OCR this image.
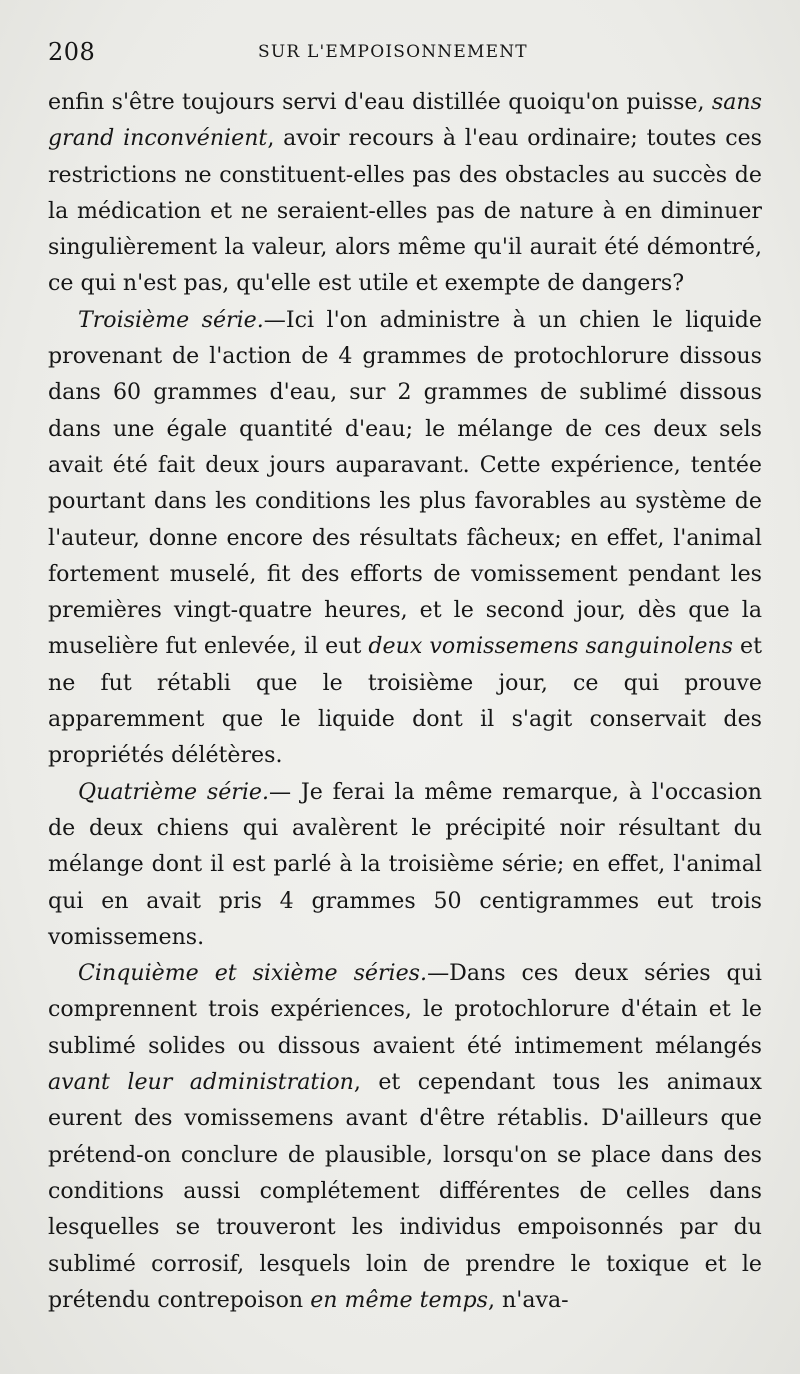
208	SUR L'EMPOISONNEMENT

enfin s'être toujours servi d'eau distillée quoiqu'on puisse, sans grand inconvénient, avoir recours à l'eau ordinaire; toutes ces restrictions ne constituent-elles pas des obstacles au succès de la médication et ne seraient-elles pas de nature à en diminuer singulièrement la valeur, alors même qu'il aurait été démontré, ce qui n'est pas, qu'elle est utile et exempte de dangers?

Troisième série.—Ici l'on administre à un chien le liquide provenant de l'action de 4 grammes de protochlorure dissous dans 60 grammes d'eau, sur 2 grammes de sublimé dissous dans une égale quantité d'eau; le mélange de ces deux sels avait été fait deux jours auparavant. Cette expérience, tentée pourtant dans les conditions les plus favorables au système de l'auteur, donne encore des résultats fâcheux; en effet, l'animal fortement muselé, fit des efforts de vomissement pendant les premières vingt-quatre heures, et le second jour, dès que la muselière fut enlevée, il eut deux vomissemens sanguinolens et ne fut rétabli que le troisième jour, ce qui prouve apparemment que le liquide dont il s'agit conservait des propriétés délétères.

Quatrième série.— Je ferai la même remarque, à l'occasion de deux chiens qui avalèrent le précipité noir résultant du mélange dont il est parlé à la troisième série; en effet, l'animal qui en avait pris 4 grammes 50 centigrammes eut trois vomissemens.

Cinquième et sixième séries.—Dans ces deux séries qui comprennent trois expériences, le protochlorure d'étain et le sublimé solides ou dissous avaient été intimement mélangés avant leur administration, et cependant tous les animaux eurent des vomissemens avant d'être rétablis. D'ailleurs que prétend-on conclure de plausible, lorsqu'on se place dans des conditions aussi complétement différentes de celles dans lesquelles se trouveront les individus empoisonnés par du sublimé corrosif, lesquels loin de prendre le toxique et le prétendu contrepoison en même temps, n'ava-
